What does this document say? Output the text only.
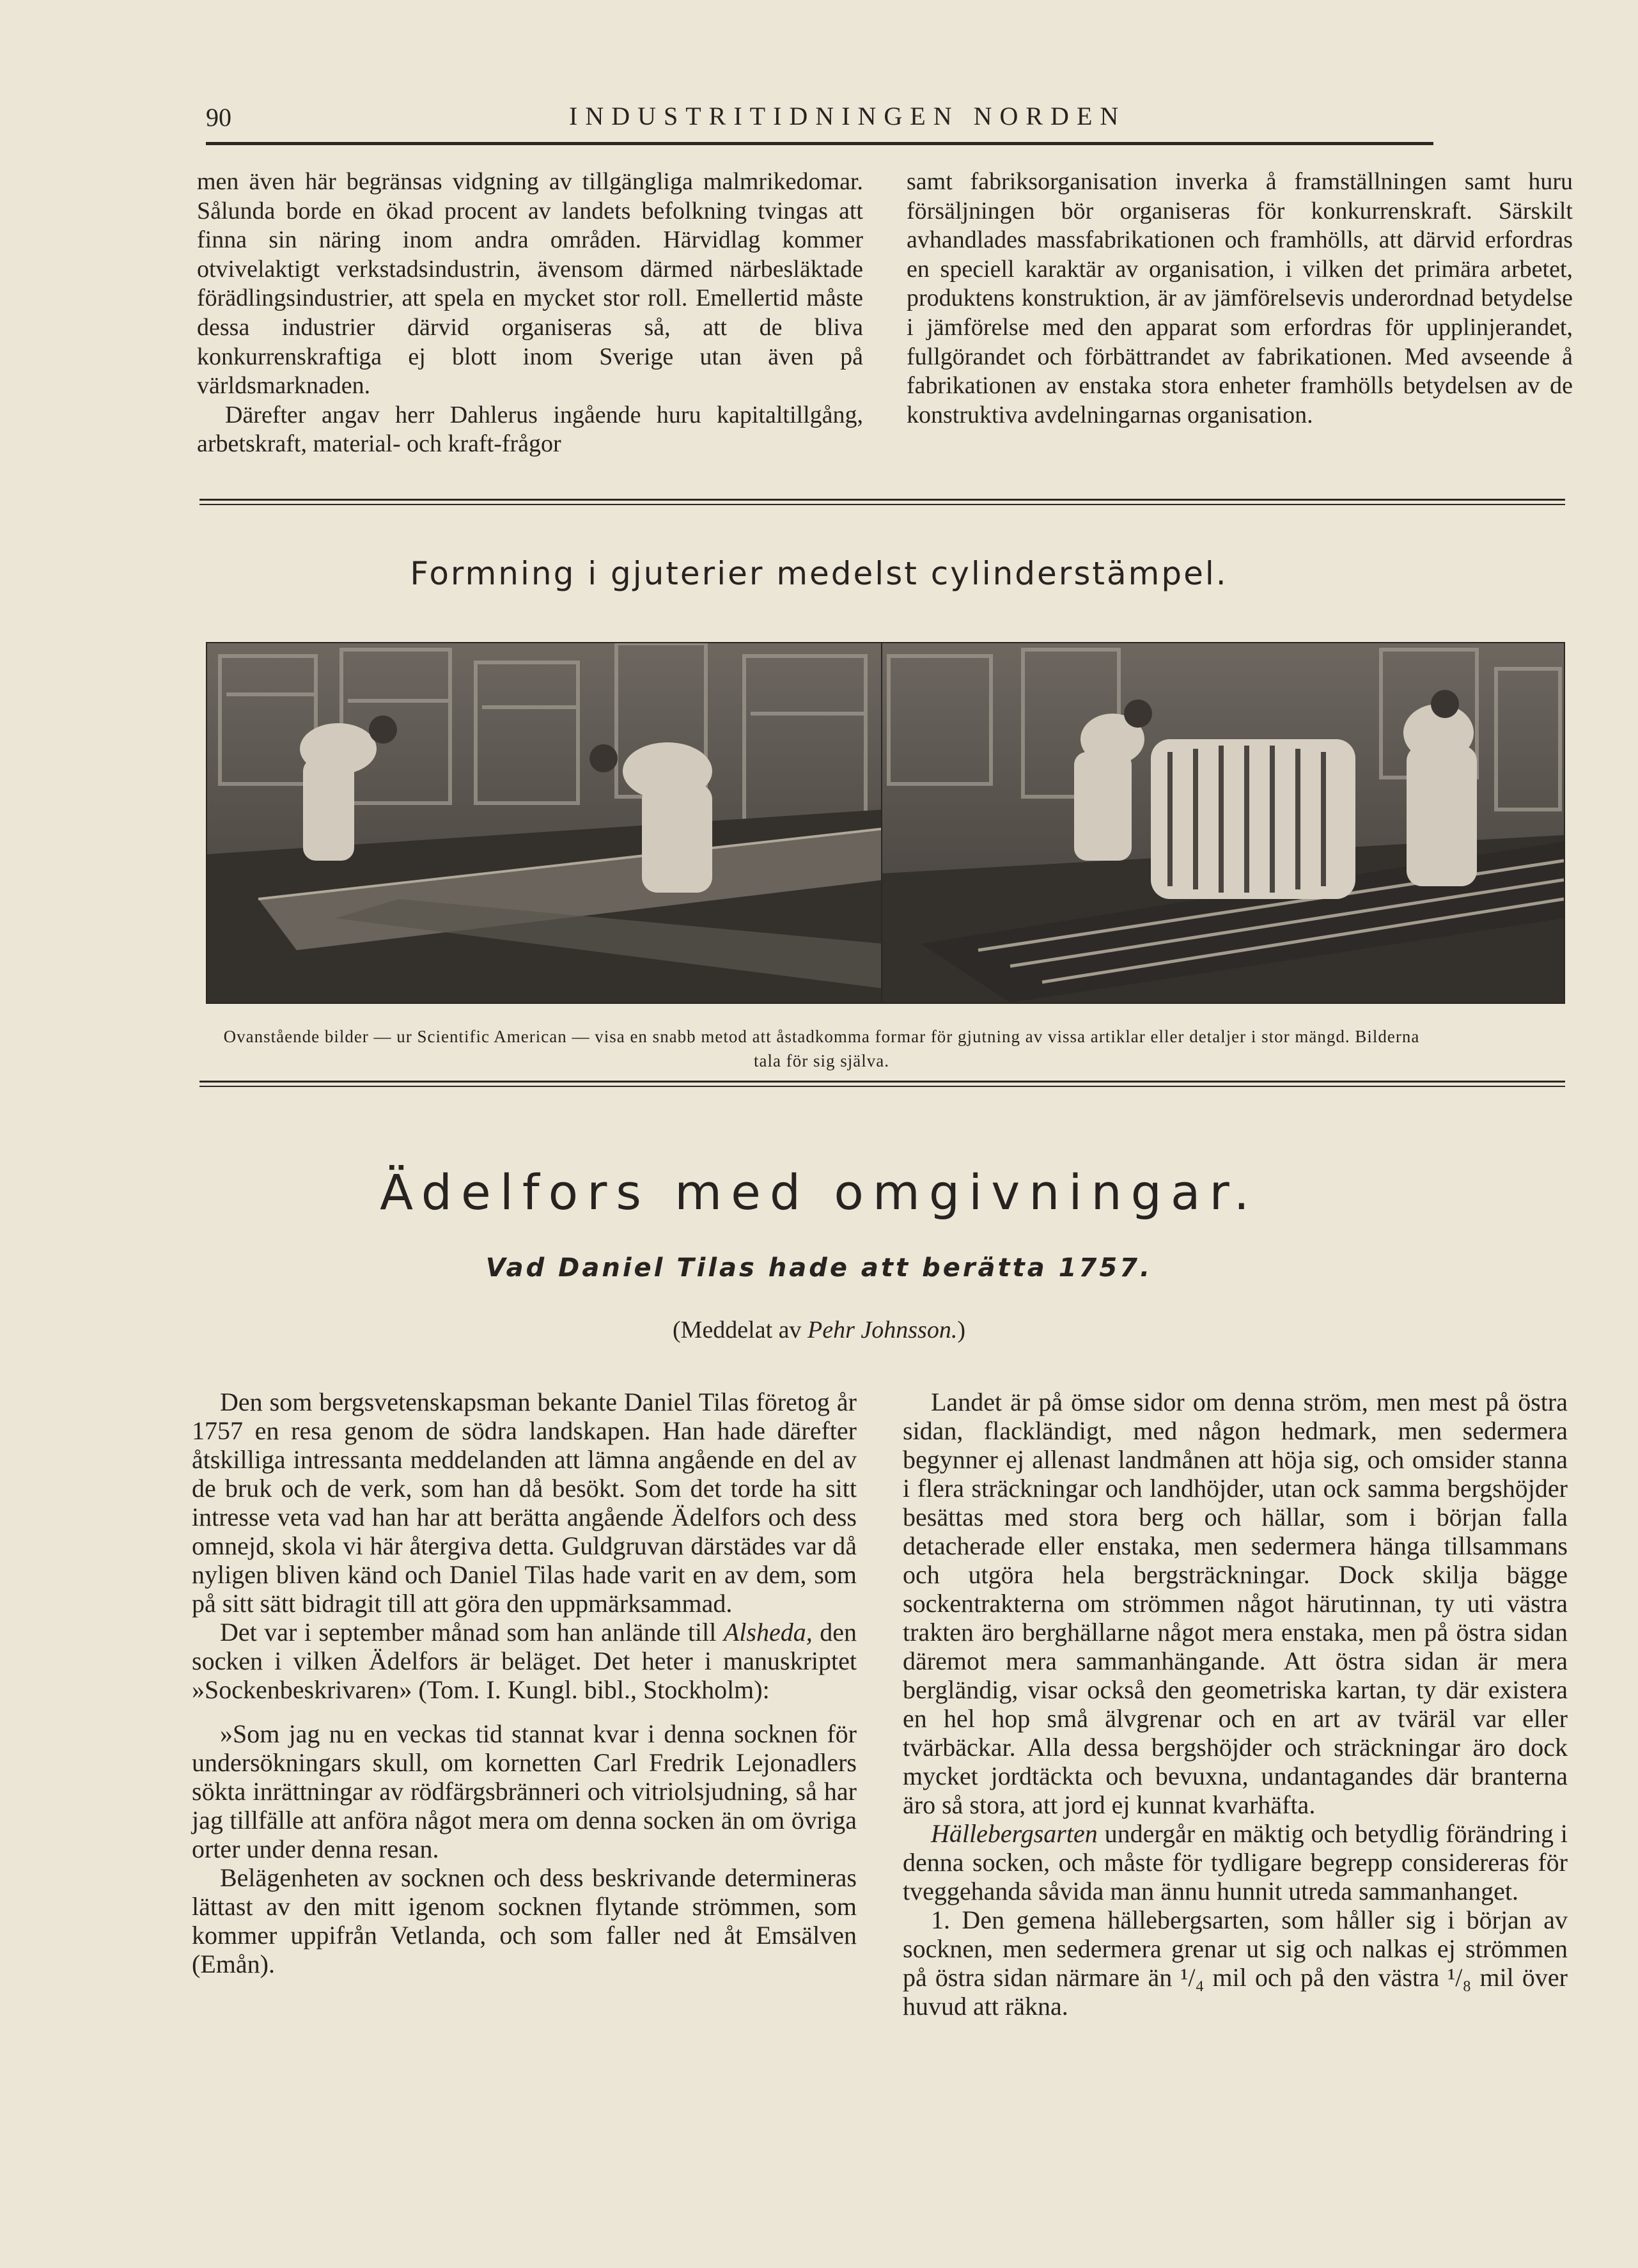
90	INDUSTRITIDNINGEN NORDEN

men även här begränsas vidgning av tillgängliga malmrikedomar. Sålunda borde en ökad procent av landets befolkning tvingas att finna sin näring inom andra områden. Härvidlag kommer otvivelaktigt verkstadsindustrin, ävensom därmed närbesläktade förädlingsindustrier, att spela en mycket stor roll. Emellertid måste dessa industrier därvid organiseras så, att de bliva konkurrenskraftiga ej blott inom Sverige utan även på världsmarknaden.

Därefter angav herr Dahlerus ingående huru kapitaltillgång, arbetskraft, material- och kraft-frågor

samt fabriksorganisation inverka å framställningen samt huru försäljningen bör organiseras för konkurrenskraft. Särskilt avhandlades massfabrikationen och framhölls, att därvid erfordras en speciell karaktär av organisation, i vilken det primära arbetet, produktens konstruktion, är av jämförelsevis underordnad betydelse i jämförelse med den apparat som erfordras för upplinjerandet, fullgörandet och förbättrandet av fabrikationen. Med avseende å fabrikationen av enstaka stora enheter framhölls betydelsen av de konstruktiva avdelningarnas organisation.

Formning i gjuterier medelst cylinderstämpel.
Ovanstående bilder — ur Scientific American — visa en snabb metod att åstadkomma formar för gjutning av vissa artiklar eller detaljer i stor mängd. Bilderna tala för sig själva.
Ädelfors med omgivningar.
Vad Daniel Tilas hade att berätta 1757.
(Meddelat av Pehr Johnsson.)

Den som bergsvetenskapsman bekante Daniel Tilas företog år 1757 en resa genom de södra landskapen. Han hade därefter åtskilliga intressanta meddelanden att lämna angående en del av de bruk och de verk, som han då besökt. Som det torde ha sitt intresse veta vad han har att berätta angående Ädelfors och dess omnejd, skola vi här återgiva detta. Guldgruvan därstädes var då nyligen bliven känd och Daniel Tilas hade varit en av dem, som på sitt sätt bidragit till att göra den uppmärksammad.

Det var i september månad som han anlände till Alsheda, den socken i vilken Ädelfors är beläget. Det heter i manuskriptet »Sockenbeskrivaren» (Tom. I. Kungl. bibl., Stockholm):

»Som jag nu en veckas tid stannat kvar i denna socknen för undersökningars skull, om kornetten Carl Fredrik Lejonadlers sökta inrättningar av rödfärgsbränneri och vitriolsjudning, så har jag tillfälle att anföra något mera om denna socken än om övriga orter under denna resan.

Belägenheten av socknen och dess beskrivande determineras lättast av den mitt igenom socknen flytande strömmen, som kommer uppifrån Vetlanda, och som faller ned åt Emsälven (Emån).

Landet är på ömse sidor om denna ström, men mest på östra sidan, flackländigt, med någon hedmark, men sedermera begynner ej allenast landmånen att höja sig, och omsider stanna i flera sträckningar och landhöjder, utan ock samma bergshöjder besättas med stora berg och hällar, som i början falla detacherade eller enstaka, men sedermera hänga tillsammans och utgöra hela bergsträckningar. Dock skilja bägge sockentrakterna om strömmen något härutinnan, ty uti västra trakten äro berghällarne något mera enstaka, men på östra sidan däremot mera sammanhängande. Att östra sidan är mera bergländig, visar också den geometriska kartan, ty där existera en hel hop små älvgrenar och en art av tväräl var eller tvärbäckar. Alla dessa bergshöjder och sträckningar äro dock mycket jordtäckta och bevuxna, undantagandes där branterna äro så stora, att jord ej kunnat kvarhäfta.

Hällebergsarten undergår en mäktig och betydlig förändring i denna socken, och måste för tydligare begrepp considereras för tveggehanda såvida man ännu hunnit utreda sammanhanget.

1. Den gemena hällebergsarten, som håller sig i början av socknen, men sedermera grenar ut sig och nalkas ej strömmen på östra sidan närmare än ¹/₄ mil och på den västra ¹/₈ mil över huvud att räkna.
